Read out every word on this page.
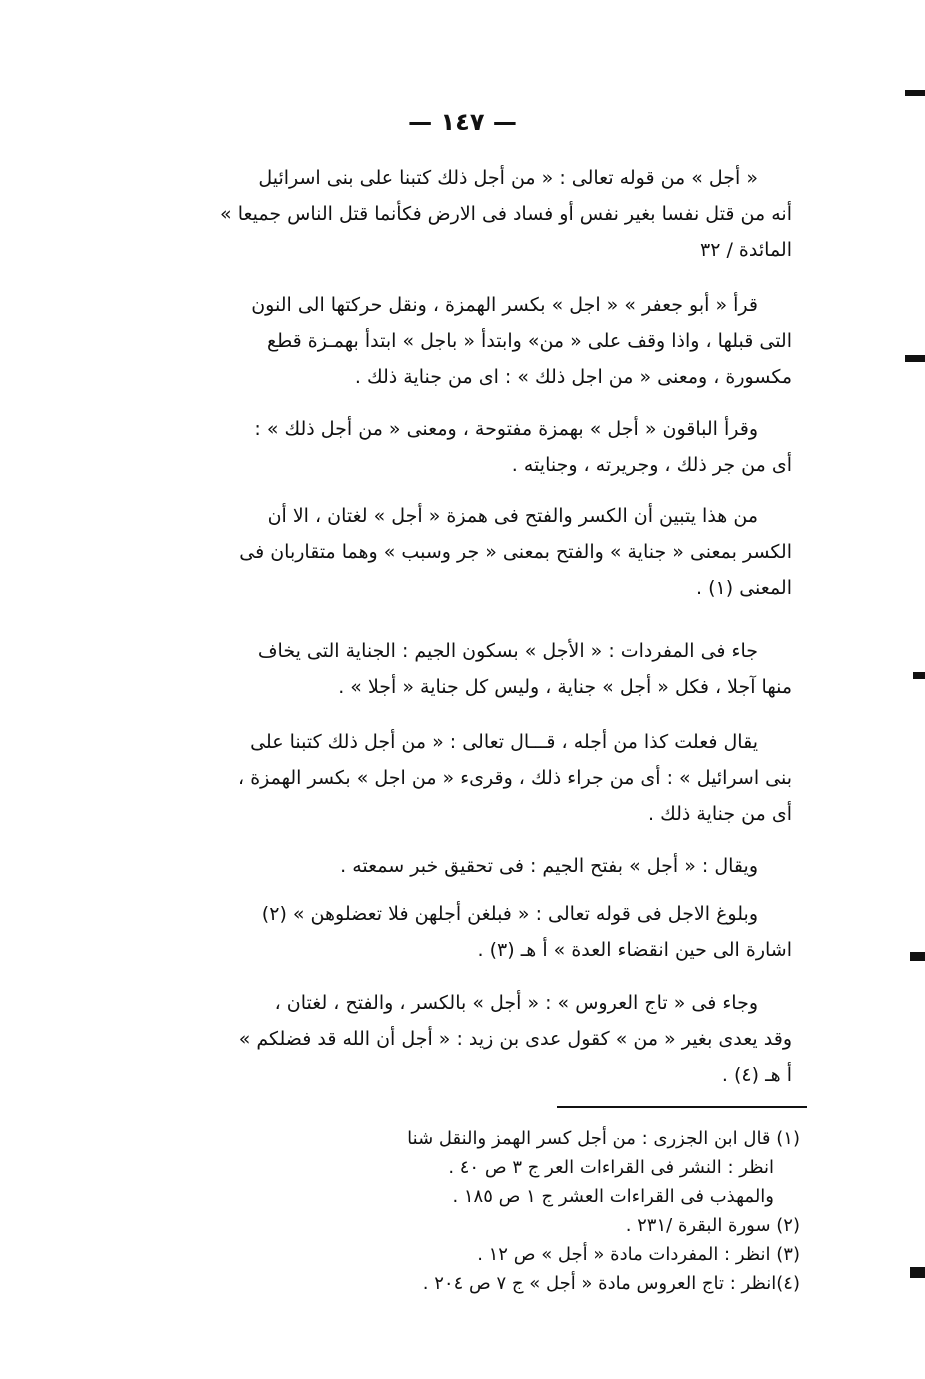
— ١٤٧ —

« أجل » من قوله تعالى : « من أجل ذلك كتبنا على بنى اسرائيل

أنه من قتل نفسا بغير نفس أو فساد فى الارض فكأنما قتل الناس جميعا »

المائدة / ٣٢

قرأ « أبو جعفر » « اجل » بكسر الهمزة ، ونقل حركتها الى النون

التى قبلها ، واذا وقف على « من» وابتدأ « باجل » ابتدأ بهمـزة قطع

مكسورة ، ومعنى « من اجل ذلك » : اى من جناية ذلك .

وقرأ الباقون « أجل » بهمزة مفتوحة ، ومعنى « من أجل ذلك » :

أى من جر ذلك ، وجريرته ، وجنايته .

من هذا يتبين أن الكسر والفتح فى همزة « أجل » لغتان ، الا أن

الكسر بمعنى « جناية » والفتح بمعنى « جر وسبب » وهما متقاربان فى

المعنى (١) .

جاء فى المفردات : « الأجل » بسكون الجيم : الجناية التى يخاف

منها آجلا ، فكل « أجل » جناية ، وليس كل جناية « أجلا » .

يقال فعلت كذا من أجله ، قـــال تعالى : « من أجل ذلك كتبنا على

بنى اسرائيل » : أى من جراء ذلك ، وقرىء « من اجل » بكسر الهمزة ،

أى من جناية ذلك .

ويقال : « أجل » بفتح الجيم : فى تحقيق خبر سمعته .

وبلوغ الاجل فى قوله تعالى : « فبلغن أجلهن فلا تعضلوهن » (٢)

اشارة الى حين انقضاء العدة » أ هـ (٣) .

وجاء فى « تاج العروس » : « أجل » بالكسر ، والفتح ، لغتان ،

وقد يعدى بغير « من » كقول عدى بن زيد : « أجل أن الله قد فضلكم »

أ هـ (٤) .

(١) قال ابن الجزرى : من أجل كسر الهمز والنقل شنا
انظر : النشر فى القراءات العر ج ٣ ص ٤٠ .
والمهذب فى القراءات العشر ج ١ ص ١٨٥ .
(٢) سورة البقرة /٢٣١ .
(٣) انظر : المفردات مادة « أجل » ص ١٢ .
(٤)انظر : تاج العروس مادة « أجل » ج ٧ ص ٢٠٤ .
